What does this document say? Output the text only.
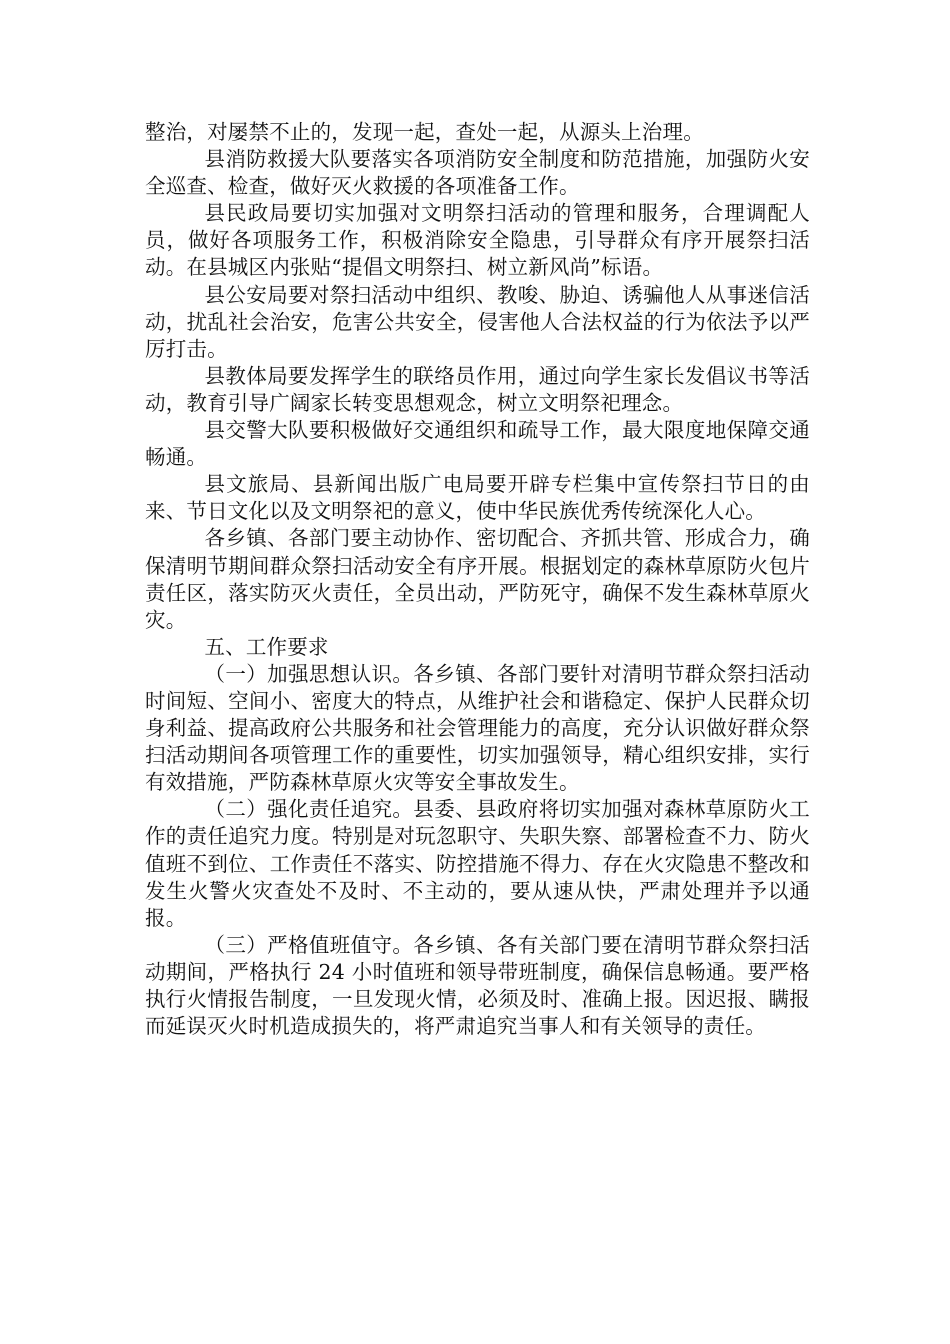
整治，对屡禁不止的，发现一起，查处一起，从源头上治理。

县消防救援大队要落实各项消防安全制度和防范措施，加强防火安全巡查、检查，做好灭火救援的各项准备工作。

县民政局要切实加强对文明祭扫活动的管理和服务，合理调配人员，做好各项服务工作，积极消除安全隐患，引导群众有序开展祭扫活动。在县城区内张贴“提倡文明祭扫、树立新风尚”标语。

县公安局要对祭扫活动中组织、教唆、胁迫、诱骗他人从事迷信活动，扰乱社会治安，危害公共安全，侵害他人合法权益的行为依法予以严厉打击。

县教体局要发挥学生的联络员作用，通过向学生家长发倡议书等活动，教育引导广阔家长转变思想观念，树立文明祭祀理念。

县交警大队要积极做好交通组织和疏导工作，最大限度地保障交通畅通。

县文旅局、县新闻出版广电局要开辟专栏集中宣传祭扫节日的由来、节日文化以及文明祭祀的意义，使中华民族优秀传统深化人心。

各乡镇、各部门要主动协作、密切配合、齐抓共管、形成合力，确保清明节期间群众祭扫活动安全有序开展。根据划定的森林草原防火包片责任区，落实防灭火责任，全员出动，严防死守，确保不发生森林草原火灾。

五、工作要求

（一）加强思想认识。各乡镇、各部门要针对清明节群众祭扫活动时间短、空间小、密度大的特点，从维护社会和谐稳定、保护人民群众切身利益、提高政府公共服务和社会管理能力的高度，充分认识做好群众祭扫活动期间各项管理工作的重要性，切实加强领导，精心组织安排，实行有效措施，严防森林草原火灾等安全事故发生。

（二）强化责任追究。县委、县政府将切实加强对森林草原防火工作的责任追究力度。特别是对玩忽职守、失职失察、部署检查不力、防火值班不到位、工作责任不落实、防控措施不得力、存在火灾隐患不整改和发生火警火灾查处不及时、不主动的，要从速从快，严肃处理并予以通报。

（三）严格值班值守。各乡镇、各有关部门要在清明节群众祭扫活动期间，严格执行 24 小时值班和领导带班制度，确保信息畅通。要严格执行火情报告制度，一旦发现火情，必须及时、准确上报。因迟报、瞒报而延误灭火时机造成损失的，将严肃追究当事人和有关领导的责任。
